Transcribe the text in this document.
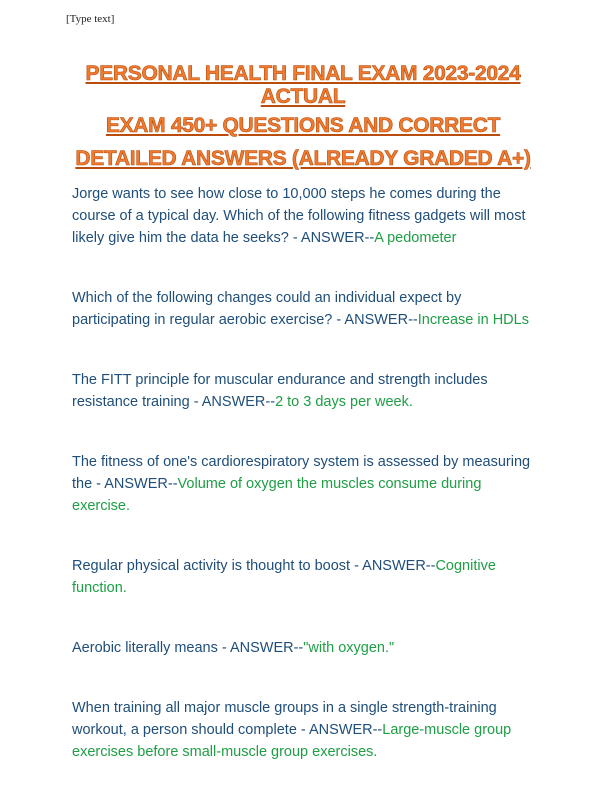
[Type text]
PERSONAL HEALTH FINAL EXAM 2023-2024
ACTUAL
EXAM 450+ QUESTIONS AND CORRECT
DETAILED ANSWERS (ALREADY GRADED A+)

Jorge wants to see how close to 10,000 steps he comes during the course of a typical day. Which of the following fitness gadgets will most likely give him the data he seeks? - ANSWER--A pedometer

Which of the following changes could an individual expect by participating in regular aerobic exercise? - ANSWER--Increase in HDLs

The FITT principle for muscular endurance and strength includes resistance training - ANSWER--2 to 3 days per week.

The fitness of one's cardiorespiratory system is assessed by measuring the - ANSWER--Volume of oxygen the muscles consume during exercise.

Regular physical activity is thought to boost - ANSWER--Cognitive function.

Aerobic literally means - ANSWER--"with oxygen."

When training all major muscle groups in a single strength-training workout, a person should complete - ANSWER--Large-muscle group exercises before small-muscle group exercises.
